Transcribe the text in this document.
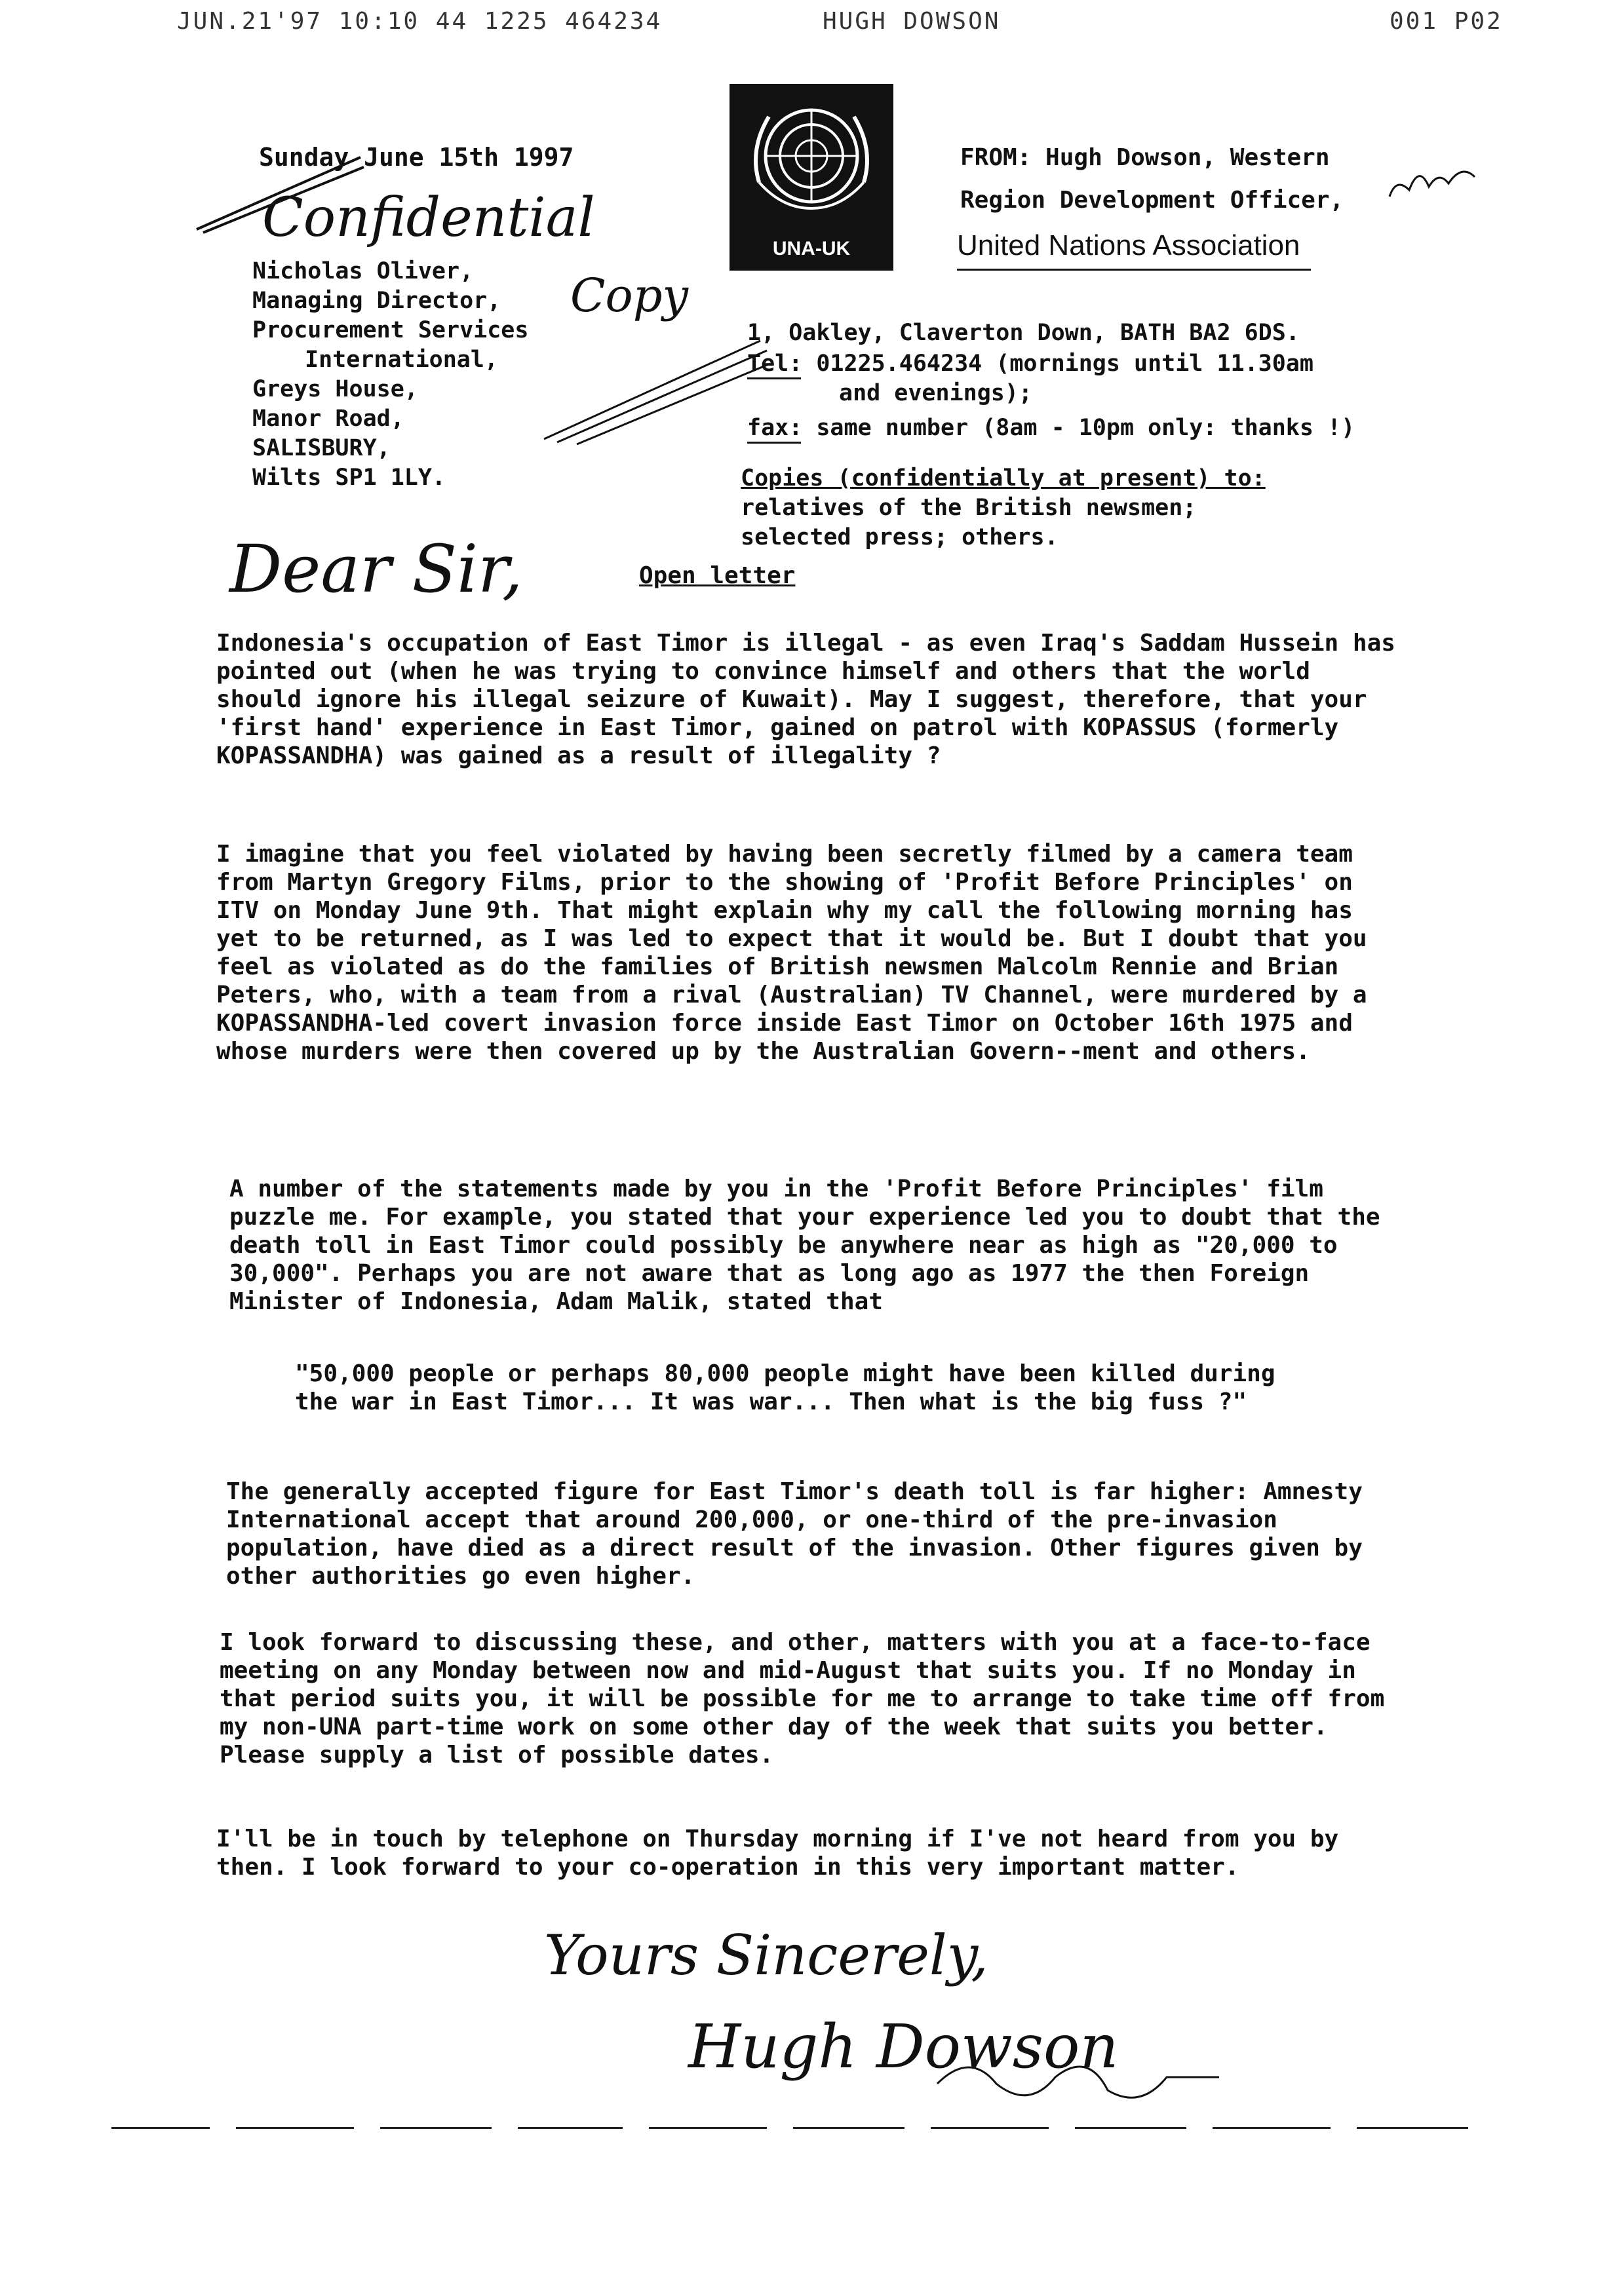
JUN.21'97 10:10 44 1225 464234	HUGH DOWSON	001 P02
Sunday June 15th 1997
Confidential
Nicholas Oliver,
Managing Director,
Procurement Services
International,
Greys House,
Manor Road,
SALISBURY,
Wilts SP1 1LY.
Copy
UNA-UK
FROM: Hugh Dowson, Western
Region Development Officer,
United Nations Association
1, Oakley, Claverton Down, BATH BA2 6DS.
Tel: 01225.464234 (mornings until 11.30am
and evenings);
fax: same number (8am - 10pm only: thanks !)
Copies (confidentially at present) to:
relatives of the British newsmen;
selected press; others.
Dear Sir,	Open letter
Indonesia's occupation of East Timor is illegal - as even Iraq's Saddam Hussein has pointed out (when he was trying to convince himself and others that the world should ignore his illegal seizure of Kuwait). May I suggest, therefore, that your 'first hand' experience in East Timor, gained on patrol with KOPASSUS (formerly KOPASSANDHA) was gained as a result of illegality ?
I imagine that you feel violated by having been secretly filmed by a camera team from Martyn Gregory Films, prior to the showing of 'Profit Before Principles' on ITV on Monday June 9th. That might explain why my call the following morning has yet to be returned, as I was led to expect that it would be. But I doubt that you feel as violated as do the families of British newsmen Malcolm Rennie and Brian Peters, who, with a team from a rival (Australian) TV Channel, were murdered by a KOPASSANDHA-led covert invasion force inside East Timor on October 16th 1975 and whose murders were then covered up by the Australian Govern--ment and others.
A number of the statements made by you in the 'Profit Before Principles' film puzzle me. For example, you stated that your experience led you to doubt that the death toll in East Timor could possibly be anywhere near as high as "20,000 to 30,000". Perhaps you are not aware that as long ago as 1977 the then Foreign Minister of Indonesia, Adam Malik, stated that
"50,000 people or perhaps 80,000 people might have been killed during the war in East Timor... It was war... Then what is the big fuss ?"
The generally accepted figure for East Timor's death toll is far higher: Amnesty International accept that around 200,000, or one-third of the pre-invasion population, have died as a direct result of the invasion. Other figures given by other authorities go even higher.
I look forward to discussing these, and other, matters with you at a face-to-face meeting on any Monday between now and mid-August that suits you. If no Monday in that period suits you, it will be possible for me to arrange to take time off from my non-UNA part-time work on some other day of the week that suits you better. Please supply a list of possible dates.
I'll be in touch by telephone on Thursday morning if I've not heard from you by then. I look forward to your co-operation in this very important matter.
Yours Sincerely,
Hugh Dowson
